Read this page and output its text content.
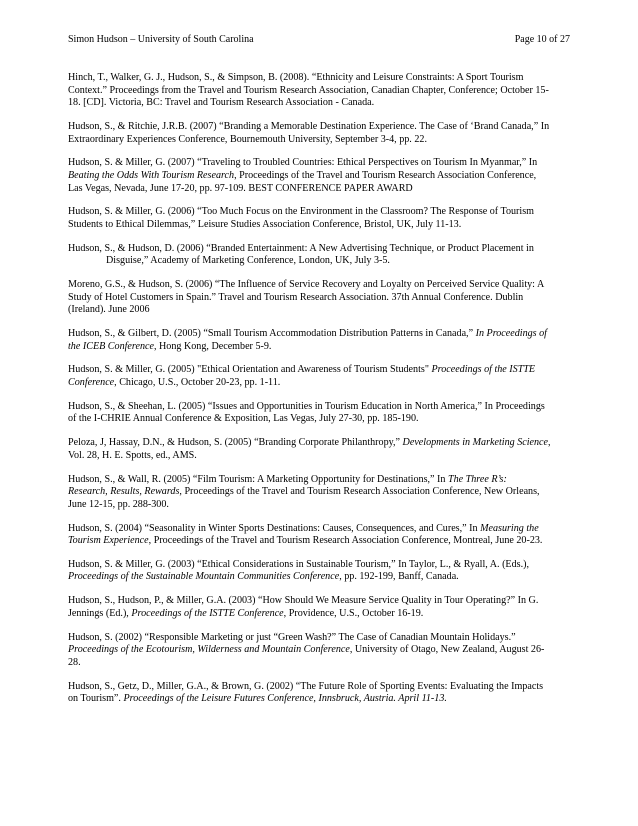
Simon Hudson – University of South Carolina	Page 10 of 27

Hinch, T., Walker, G. J., Hudson, S., & Simpson, B. (2008). “Ethnicity and Leisure Constraints: A Sport Tourism
Context.” Proceedings from the Travel and Tourism Research Association, Canadian Chapter, Conference; October 15-
18. [CD]. Victoria, BC: Travel and Tourism Research Association - Canada.

Hudson, S., & Ritchie, J.R.B. (2007) “Branding a Memorable Destination Experience. The Case of ‘Brand Canada,” In
Extraordinary Experiences Conference, Bournemouth University, September 3-4, pp. 22.

Hudson, S. & Miller, G. (2007) “Traveling to Troubled Countries: Ethical Perspectives on Tourism In Myanmar,” In
Beating the Odds With Tourism Research, Proceedings of the Travel and Tourism Research Association Conference,
Las Vegas, Nevada, June 17-20, pp. 97-109. BEST CONFERENCE PAPER AWARD

Hudson, S. & Miller, G. (2006) “Too Much Focus on the Environment in the Classroom? The Response of Tourism
Students to Ethical Dilemmas,” Leisure Studies Association Conference, Bristol, UK, July 11-13.

Hudson, S., & Hudson, D. (2006) “Branded Entertainment: A New Advertising Technique, or Product Placement in
Disguise,” Academy of Marketing Conference, London, UK, July 3-5.

Moreno, G.S., & Hudson, S. (2006) “The Influence of Service Recovery and Loyalty on Perceived Service Quality: A
Study of Hotel Customers in Spain.” Travel and Tourism Research Association. 37th Annual Conference. Dublin
(Ireland). June 2006

Hudson, S., & Gilbert, D. (2005) “Small Tourism Accommodation Distribution Patterns in Canada,” In Proceedings of
the ICEB Conference, Hong Kong, December 5-9.

Hudson, S. & Miller, G. (2005) "Ethical Orientation and Awareness of Tourism Students" Proceedings of the ISTTE
Conference, Chicago, U.S., October 20-23, pp. 1-11.

Hudson, S., & Sheehan, L. (2005) “Issues and Opportunities in Tourism Education in North America,” In Proceedings
of the I-CHRIE Annual Conference & Exposition, Las Vegas, July 27-30, pp. 185-190.

Peloza, J, Hassay, D.N., & Hudson, S. (2005) “Branding Corporate Philanthropy,” Developments in Marketing Science,
Vol. 28, H. E. Spotts, ed., AMS.

Hudson, S., & Wall, R. (2005) “Film Tourism: A Marketing Opportunity for Destinations,” In The Three R’s:
Research, Results, Rewards, Proceedings of the Travel and Tourism Research Association Conference, New Orleans,
June 12-15, pp. 288-300.

Hudson, S. (2004) “Seasonality in Winter Sports Destinations: Causes, Consequences, and Cures,” In Measuring the
Tourism Experience, Proceedings of the Travel and Tourism Research Association Conference, Montreal, June 20-23.

Hudson, S. & Miller, G. (2003) “Ethical Considerations in Sustainable Tourism,” In Taylor, L., & Ryall, A. (Eds.),
Proceedings of the Sustainable Mountain Communities Conference, pp. 192-199, Banff, Canada.

Hudson, S., Hudson, P., & Miller, G.A. (2003) “How Should We Measure Service Quality in Tour Operating?” In G.
Jennings (Ed.), Proceedings of the ISTTE Conference, Providence, U.S., October 16-19.

Hudson, S. (2002) “Responsible Marketing or just “Green Wash?” The Case of Canadian Mountain Holidays.”
Proceedings of the Ecotourism, Wilderness and Mountain Conference, University of Otago, New Zealand, August 26-
28.

Hudson, S., Getz, D., Miller, G.A., & Brown, G. (2002) “The Future Role of Sporting Events: Evaluating the Impacts
on Tourism”. Proceedings of the Leisure Futures Conference, Innsbruck, Austria. April 11-13.
